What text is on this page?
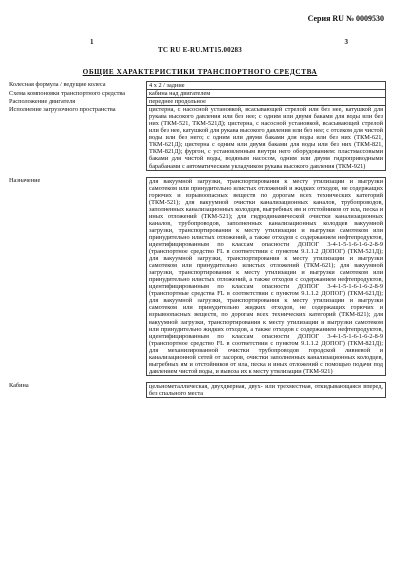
Серия RU № 0009530
1	3
ТС RU E-RU.MT15.00283
ОБЩИЕ ХАРАКТЕРИСТИКИ ТРАНСПОРТНОГО СРЕДСТВА
Колесная формула / ведущие колеса	4 x 2 / задние
Схема компоновки транспортного средства	кабина над двигателем
Расположение двигателя	переднее продольное
Исполнение загрузочного пространства	цистерна, с насосной установкой, всасывающей стрелой или без нее, катушкой для рукава высокого давления или без нее; с одним или двумя баками для воды или без них (ТКМ-521, ТКМ-521Д); цистерна, с насосной установкой, всасывающей стрелой или без нее, катушкой для рукава высокого давления или без нее; с отсеком для чистой воды или без него; с одним или двумя баками для воды или без них (ТКМ-621, ТКМ-621Д); цистерна с одним или двумя баками для воды или без них (ТКМ-821, ТКМ-821Д); фургон, с установленным внутри него оборудованием: пластмассовыми баками для чистой воды, водяным насосом, одним или двумя гидроприводными барабанами с автоматическим укладчиком рукава высокого давления (ТКМ-921)
Назначение	для вакуумной загрузки, транспортирования к месту утилизации и выгрузки самотеком или принудительно илистых отложений и жидких отходов, не содержащих горючих и взрывоопасных веществ по дорогам всех технических категорий (ТКМ-521); для вакуумной очистки канализационных каналов, трубопроводов, заполненных канализационных колодцев, выгребных ям и отстойников от ила, песка и иных отложений (ТКМ-521); для гидродинамической очистки канализационных каналов, трубопроводов, заполненных канализационных колодцев вакуумной загрузки, транспортирования к месту утилизации и выгрузки самотеком или принудительно илистых отложений, а также отходов с содержанием нефтепродуктов, идентифицированным по классам опасности ДОПОГ 3-4-1-5-1-6-1-6-2-8-9 (транспортное средство FL в соответствии с пунктом 9.1.1.2 ДОПОГ) (ТКМ-521Д); для вакуумной загрузки, транспортирования к месту утилизации и выгрузки самотеком или принудительно илистых отложений (ТКМ-621); для вакуумной загрузки, транспортирования к месту утилизации и выгрузки самотеком или принудительно илистых отложений, а также отходов с содержанием нефтепродуктов, идентифицированным по классам опасности ДОПОГ 3-4-1-5-1-6-1-6-2-8-9 (транспортные средства FL в соответствии с пунктом 9.1.1.2 ДОПОГ) (ТКМ-621Д); для вакуумной загрузки, транспортирования к месту утилизации и выгрузки самотеком или принудительно жидких отходов, не содержащих горючих и взрывоопасных веществ, по дорогам всех технических категорий (ТКМ-821); для вакуумной загрузки, транспортирования к месту утилизации и выгрузки самотеком или принудительно жидких отходов, а также отходов с содержанием нефтепродуктов, идентифицированным по классам опасности ДОПОГ 3-4-1-5-1-6-1-6-2-8-9 (транспортное средство FL в соответствии с пунктом 9.1.1.2 ДОПОГ) (ТКМ-821Д); для механизированной очистки трубопроводов городской ливневой и канализационной сетей от засоров, очистки заполненных канализационных колодцев, выгребных ям и отстойников от ила, песка и иных отложений с помощью подачи под давлением чистой воды, и вывоза их к месту утилизации (ТКМ-921)
Кабина	цельнометаллическая, двухдверная, двух- или трехместная, откидывающаяся вперед, без спального места
